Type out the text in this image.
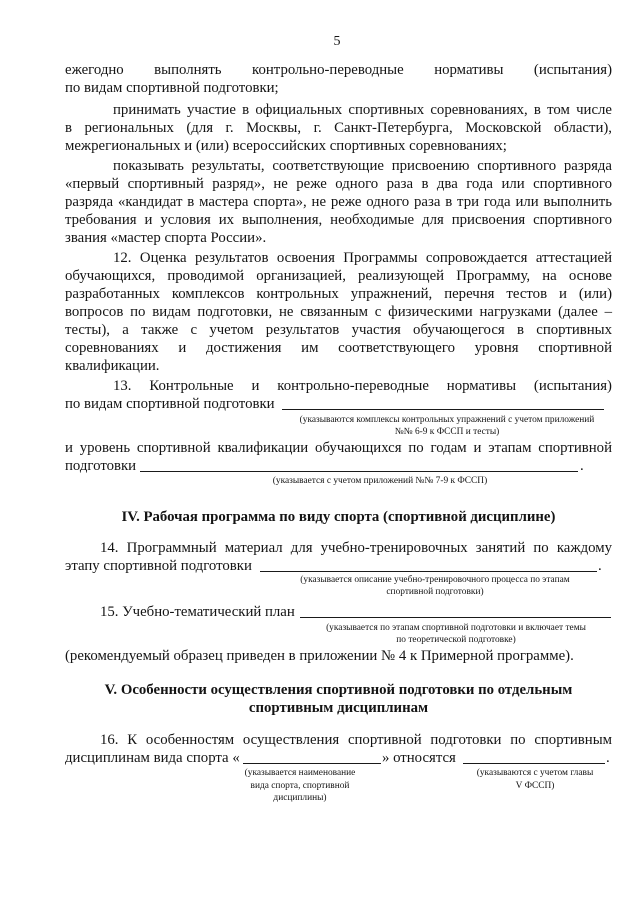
5
ежегодно выполнять контрольно-переводные нормативы (испытания)
по видам спортивной подготовки;
принимать участие в официальных спортивных соревнованиях, в том числе
в региональных (для г. Москвы, г. Санкт-Петербурга, Московской области),
межрегиональных и (или) всероссийских спортивных соревнованиях;
показывать результаты, соответствующие присвоению спортивного разряда
«первый спортивный разряд», не реже одного раза в два года или спортивного
разряда «кандидат в мастера спорта», не реже одного раза в три года или выполнить
требования и условия их выполнения, необходимые для присвоения спортивного
звания «мастер спорта России».
12. Оценка результатов освоения Программы сопровождается аттестацией
обучающихся, проводимой организацией, реализующей Программу, на основе
разработанных комплексов контрольных упражнений, перечня тестов и (или)
вопросов по видам подготовки, не связанным с физическими нагрузками (далее –
тесты), а также с учетом результатов участия обучающегося в спортивных
соревнованиях и достижения им соответствующего уровня спортивной
квалификации.
13. Контрольные и контрольно-переводные нормативы (испытания)
по видам спортивной подготовки
(указываются комплексы контрольных упражнений с учетом приложений
№№ 6-9 к ФССП и тесты)
и уровень спортивной квалификации обучающихся по годам и этапам спортивной
подготовки	.
(указывается с учетом приложений №№ 7-9 к ФССП)
IV. Рабочая программа по виду спорта (спортивной дисциплине)
14. Программный материал для учебно-тренировочных занятий по каждому
этапу спортивной подготовки	.
(указывается описание учебно-тренировочного процесса по этапам
спортивной подготовки)
15. Учебно-тематический план
(указывается по этапам спортивной подготовки и включает темы
по теоретической подготовке)
(рекомендуемый образец приведен в приложении № 4 к Примерной программе).
V. Особенности осуществления спортивной подготовки по отдельным
спортивным дисциплинам
16. К особенностям осуществления спортивной подготовки по спортивным
дисциплинам вида спорта «	» относятся	.
(указывается наименование
вида спорта, спортивной
дисциплины)
(указываются с учетом главы
V ФССП)
